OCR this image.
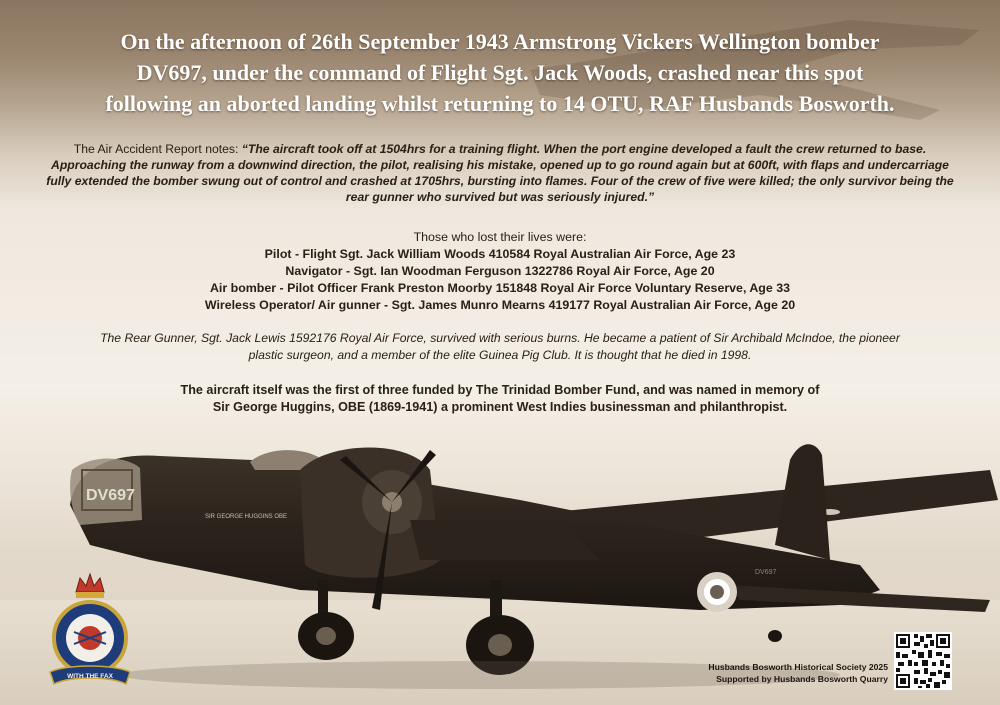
On the afternoon of 26th September 1943 Armstrong Vickers Wellington bomber
DV697, under the command of Flight Sgt. Jack Woods, crashed near this spot
following an aborted landing whilst returning to 14 OTU, RAF Husbands Bosworth.
The Air Accident Report notes: “The aircraft took off at 1504hrs for a training flight. When the port engine developed a fault the crew returned to base. Approaching the runway from a downwind direction, the pilot, realising his mistake, opened up to go round again but at 600ft, with flaps and undercarriage fully extended the bomber swung out of control and crashed at 1705hrs, bursting into flames. Four of the crew of five were killed; the only survivor being the rear gunner who survived but was seriously injured.”
Those who lost their lives were:
Pilot - Flight Sgt. Jack William Woods 410584 Royal Australian Air Force, Age 23
Navigator - Sgt. Ian Woodman Ferguson 1322786 Royal Air Force, Age 20
Air bomber - Pilot Officer Frank Preston Moorby 151848 Royal Air Force Voluntary Reserve, Age 33
Wireless Operator/ Air gunner - Sgt. James Munro Mearns 419177 Royal Australian Air Force, Age 20
The Rear Gunner, Sgt. Jack Lewis 1592176 Royal Air Force, survived with serious burns. He became a patient of Sir Archibald McIndoe, the pioneer
plastic surgeon, and a member of the elite Guinea Pig Club. It is thought that he died in 1998.
The aircraft itself was the first of three funded by The Trinidad Bomber Fund, and was named in memory of
Sir George Huggins, OBE (1869-1941) a prominent West Indies businessman and philanthropist.
DV697
SIR GEORGE HUGGINS OBE
DV697
WITH THE FAX
Husbands Bosworth Historical Society 2025
Supported by Husbands Bosworth Quarry
